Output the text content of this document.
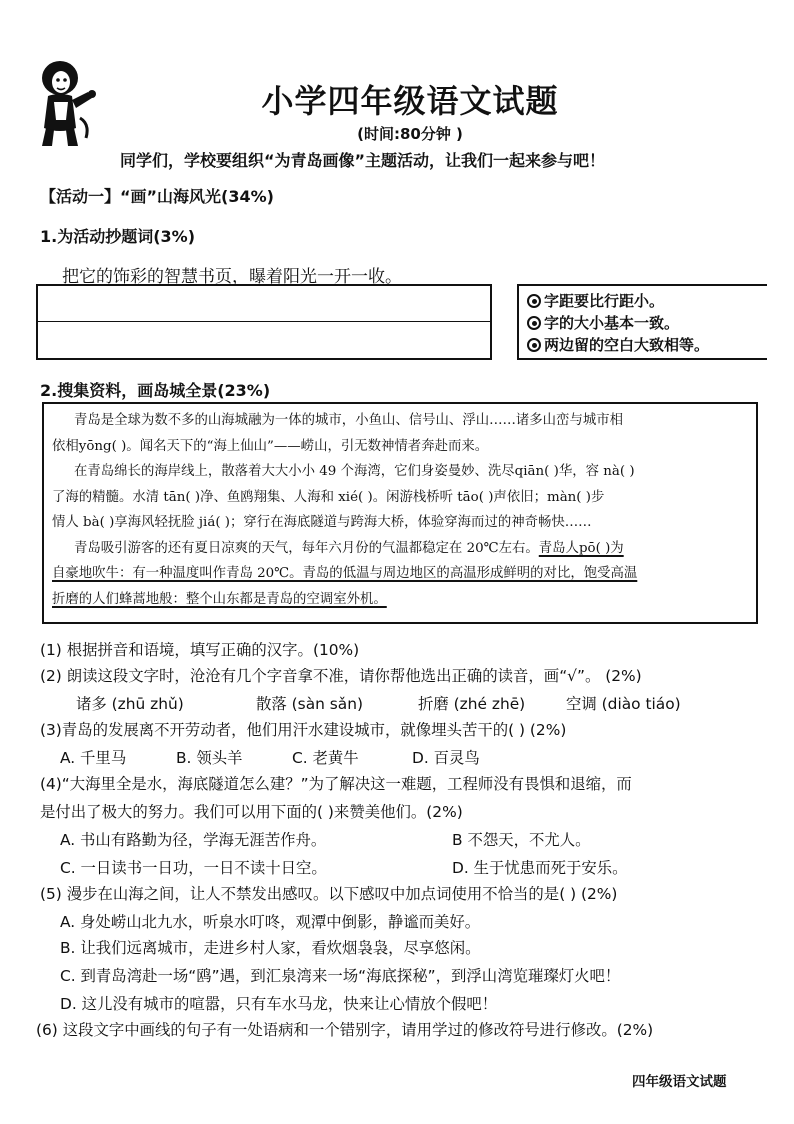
小学四年级语文试题
(时间:80分钟 )
同学们，学校要组织“为青岛画像”主题活动，让我们一起来参与吧！
【活动一】“画”山海风光(34%)
1.为活动抄题词(3%)
把它的饰彩的智慧书页，曝着阳光一开一收。
字距要比行距小。
字的大小基本一致。
两边留的空白大致相等。
2.搜集资料，画岛城全景(23%)
青岛是全球为数不多的山海城融为一体的城市，小鱼山、信号山、浮山……诸多山峦与城市相
依相yōng( )。闻名天下的“海上仙山”——崂山，引无数神情者奔赴而来。
在青岛绵长的海岸线上，散落着大大小小 49 个海湾，它们身姿曼妙、洗尽qiān( )华，容 nà( )
了海的精髓。水清 tān( )净、鱼鸥翔集、人海和 xié( )。闲游栈桥听 tāo( )声依旧；màn( )步
情人 bà( )享海风轻抚脸 jiá( )；穿行在海底隧道与跨海大桥，体验穿海而过的神奇畅快……
青岛吸引游客的还有夏日凉爽的天气，每年六月份的气温都稳定在 20℃左右。青岛人pō( )为
自豪地吹牛：有一种温度叫作青岛 20℃。青岛的低温与周边地区的高温形成鲜明的对比，饱受高温
折磨的人们蜂蒿地般：整个山东都是青岛的空调室外机。
(1) 根据拼音和语境，填写正确的汉字。(10%)
(2) 朗读这段文字时，沧沧有几个字音拿不准，请你帮他选出正确的读音，画“√”。 (2%)
诸多 (zhū zhǔ)	散落 (sàn sǎn)	折磨 (zhé zhē)	空调 (diào tiáo)
(3)青岛的发展离不开劳动者，他们用汗水建设城市，就像埋头苦干的( ) (2%)
A. 千里马	B. 领头羊	C. 老黄牛	D. 百灵鸟
(4)“大海里全是水，海底隧道怎么建？”为了解决这一难题，工程师没有畏惧和退缩，而
是付出了极大的努力。我们可以用下面的( )来赞美他们。(2%)
A. 书山有路勤为径，学海无涯苦作舟。	B 不怨天，不尤人。
C. 一日读书一日功，一日不读十日空。	D. 生于忧患而死于安乐。
(5) 漫步在山海之间，让人不禁发出感叹。以下感叹中加点词使用不恰当的是( ) (2%)
A. 身处崂山北九水，听泉水叮咚，观潭中倒影，静谧而美好。
B. 让我们远离城市，走进乡村人家，看炊烟袅袅，尽享悠闲。
C. 到青岛湾赴一场“鸥”遇，到汇泉湾来一场“海底探秘”，到浮山湾览璀璨灯火吧！
D. 这儿没有城市的喧嚣，只有车水马龙，快来让心情放个假吧！
(6) 这段文字中画线的句子有一处语病和一个错别字，请用学过的修改符号进行修改。(2%)
四年级语文试题
